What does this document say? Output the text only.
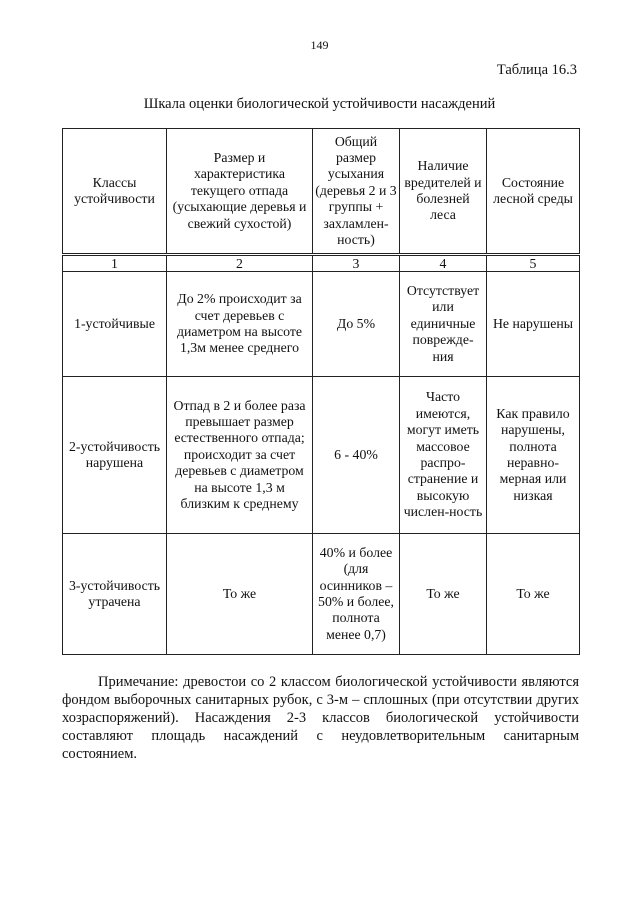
149
Таблица 16.3
Шкала оценки биологической устойчивости насаждений
Классы устойчивости	Размер и характеристика текущего отпада (усыхающие деревья и свежий сухостой)	Общий размер усыхания (деревья 2 и 3 группы + захламлен-ность)	Наличие вредителей и болезней леса	Состояние лесной среды
1	2	3	4	5
1-устойчивые	До 2% происходит за счет деревьев с диаметром на высоте 1,3м менее среднего	До 5%	Отсутствует или единичные поврежде-ния	Не нарушены
2-устойчивость нарушена	Отпад в 2 и более раза превышает размер естественного отпада; происходит за счет деревьев с диаметром на высоте 1,3 м близким к среднему	6 - 40%	Часто имеются, могут иметь массовое распро-странение и высокую числен-ность	Как правило нарушены, полнота неравно-мерная или низкая
3-устойчивость утрачена	То же	40% и более (для осинников – 50% и более, полнота менее 0,7)	То же	То же

Примечание: древостои со 2 классом биологической устойчивости являются фондом выборочных санитарных рубок, с 3-м – сплошных (при отсутствии других хозраспоряжений). Насаждения 2-3 классов биологической устойчивости составляют площадь насаждений с неудовлетворительным санитарным состоянием.
